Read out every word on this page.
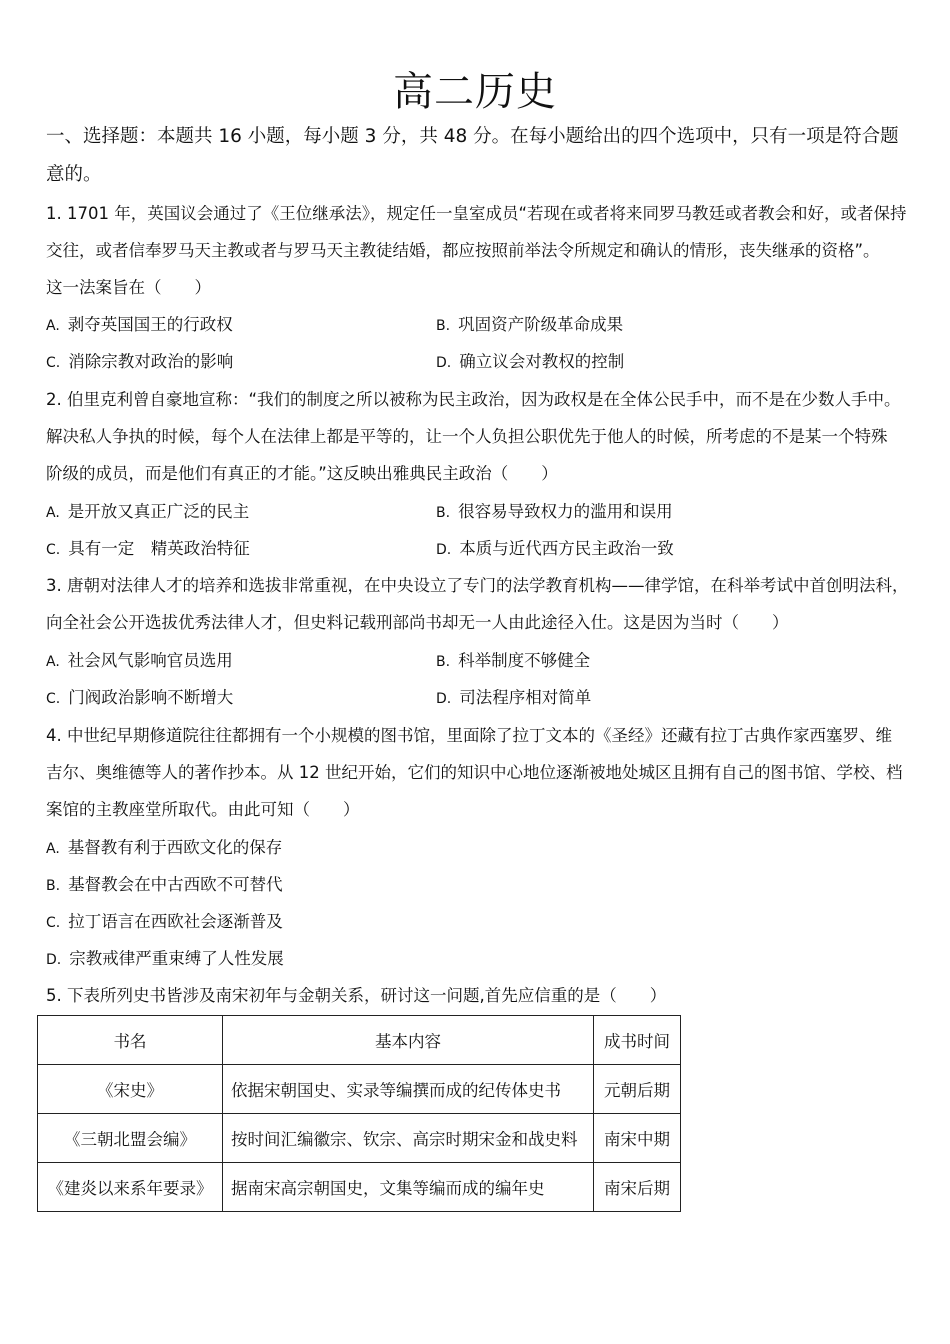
高二历史
一、选择题：本题共 16 小题，每小题 3 分，共 48 分。在每小题给出的四个选项中，只有一项是符合题
意的。
1. 1701 年，英国议会通过了《王位继承法》，规定任一皇室成员“若现在或者将来同罗马教廷或者教会和好，或者保持
交往，或者信奉罗马天主教或者与罗马天主教徒结婚，都应按照前举法令所规定和确认的情形，丧失继承的资格”。
这一法案旨在（　　）
A. 剥夺英国国王的行政权	B. 巩固资产阶级革命成果
C. 消除宗教对政治的影响	D. 确立议会对教权的控制
2. 伯里克利曾自豪地宣称：“我们的制度之所以被称为民主政治，因为政权是在全体公民手中，而不是在少数人手中。
解决私人争执的时候，每个人在法律上都是平等的，让一个人负担公职优先于他人的时候，所考虑的不是某一个特殊
阶级的成员，而是他们有真正的才能。”这反映出雅典民主政治（　　）
A. 是开放又真正广泛的民主	B. 很容易导致权力的滥用和误用
C. 具有一定　精英政治特征	D. 本质与近代西方民主政治一致
3. 唐朝对法律人才的培养和选拔非常重视，在中央设立了专门的法学教育机构——律学馆，在科举考试中首创明法科，
向全社会公开选拔优秀法律人才，但史料记载刑部尚书却无一人由此途径入仕。这是因为当时（　　）
A. 社会风气影响官员选用	B. 科举制度不够健全
C. 门阀政治影响不断增大	D. 司法程序相对简单
4. 中世纪早期修道院往往都拥有一个小规模的图书馆，里面除了拉丁文本的《圣经》还藏有拉丁古典作家西塞罗、维
吉尔、奥维德等人的著作抄本。从 12 世纪开始，它们的知识中心地位逐渐被地处城区且拥有自己的图书馆、学校、档
案馆的主教座堂所取代。由此可知（　　）
A. 基督教有利于西欧文化的保存
B. 基督教会在中古西欧不可替代
C. 拉丁语言在西欧社会逐渐普及
D. 宗教戒律严重束缚了人性发展
5. 下表所列史书皆涉及南宋初年与金朝关系，研讨这一问题,首先应信重的是（　　）
书名	基本内容	成书时间
《宋史》	依据宋朝国史、实录等编撰而成的纪传体史书	元朝后期
《三朝北盟会编》	按时间汇编徽宗、钦宗、高宗时期宋金和战史料	南宋中期
《建炎以来系年要录》	据南宋高宗朝国史，文集等编而成的编年史	南宋后期
